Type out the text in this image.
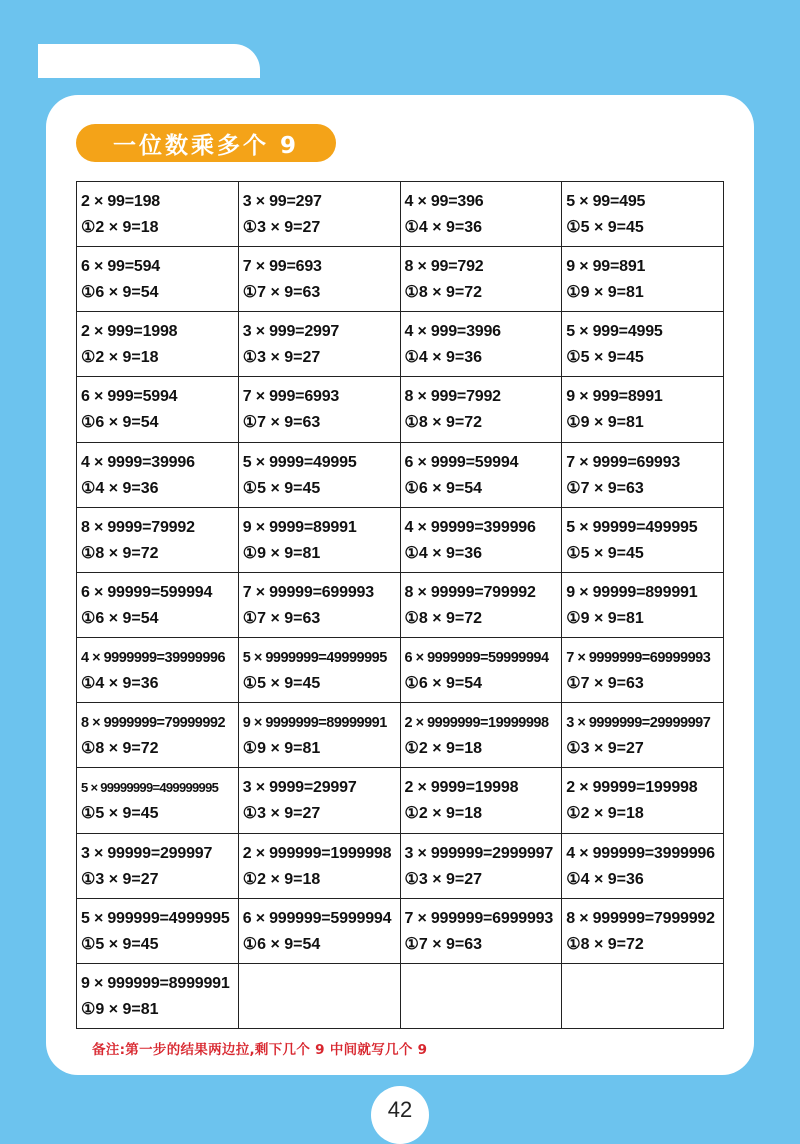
一位数乘多个 9
2 × 99=198
①2 × 9=18
3 × 99=297
①3 × 9=27
4 × 99=396
①4 × 9=36
5 × 99=495
①5 × 9=45
6 × 99=594
①6 × 9=54
7 × 99=693
①7 × 9=63
8 × 99=792
①8 × 9=72
9 × 99=891
①9 × 9=81
2 × 999=1998
①2 × 9=18
3 × 999=2997
①3 × 9=27
4 × 999=3996
①4 × 9=36
5 × 999=4995
①5 × 9=45
6 × 999=5994
①6 × 9=54
7 × 999=6993
①7 × 9=63
8 × 999=7992
①8 × 9=72
9 × 999=8991
①9 × 9=81
4 × 9999=39996
①4 × 9=36
5 × 9999=49995
①5 × 9=45
6 × 9999=59994
①6 × 9=54
7 × 9999=69993
①7 × 9=63
8 × 9999=79992
①8 × 9=72
9 × 9999=89991
①9 × 9=81
4 × 99999=399996
①4 × 9=36
5 × 99999=499995
①5 × 9=45
6 × 99999=599994
①6 × 9=54
7 × 99999=699993
①7 × 9=63
8 × 99999=799992
①8 × 9=72
9 × 99999=899991
①9 × 9=81
4 × 9999999=39999996
①4 × 9=36
5 × 9999999=49999995
①5 × 9=45
6 × 9999999=59999994
①6 × 9=54
7 × 9999999=69999993
①7 × 9=63
8 × 9999999=79999992
①8 × 9=72
9 × 9999999=89999991
①9 × 9=81
2 × 9999999=19999998
①2 × 9=18
3 × 9999999=29999997
①3 × 9=27
5 × 99999999=499999995
①5 × 9=45
3 × 9999=29997
①3 × 9=27
2 × 9999=19998
①2 × 9=18
2 × 99999=199998
①2 × 9=18
3 × 99999=299997
①3 × 9=27
2 × 999999=1999998
①2 × 9=18
3 × 999999=2999997
①3 × 9=27
4 × 999999=3999996
①4 × 9=36
5 × 999999=4999995
①5 × 9=45
6 × 999999=5999994
①6 × 9=54
7 × 999999=6999993
①7 × 9=63
8 × 999999=7999992
①8 × 9=72
9 × 999999=8999991
①9 × 9=81
备注:第一步的结果两边拉,剩下几个 9 中间就写几个 9
42
